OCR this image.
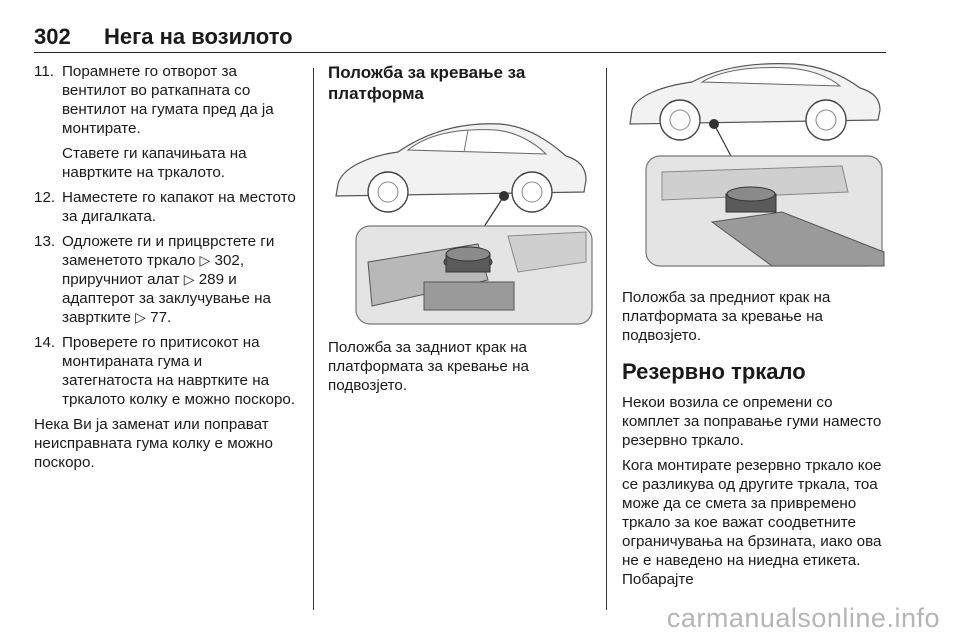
302 Нега на возилото
11. Порамнете го отворот за вентилот во раткапната со вентилот на гумата пред да ја монтирате.
Ставете ги капачињата на навртките на тркалото.
12. Наместете го капакот на местото за дигалката.
13. Одложете ги и прицврстете ги заменетото тркало ▷ 302, приручниот алат ▷ 289 и адаптерот за заклучување на завртките ▷ 77.
14. Проверете го притисокот на монтираната гума и затегнатоста на навртките на тркалото колку е можно поскоро.
Нека Ви ја заменат или поправат неисправната гума колку е можно поскоро.
Положба за кревање за платформа
Положба за задниот крак на платформата за кревање на подвозјето.
Положба за предниот крак на платформата за кревање на подвозјето.
Резервно тркало
Некои возила се опремени со комплет за поправање гуми наместо резервно тркало.
Кога монтирате резервно тркало кое се разликува од другите тркала, тоа може да се смета за привремено тркало за кое важат соодветните ограничувања на брзината, иако ова не е наведено на ниедна етикета. Побарајте
carmanualsonline.info
